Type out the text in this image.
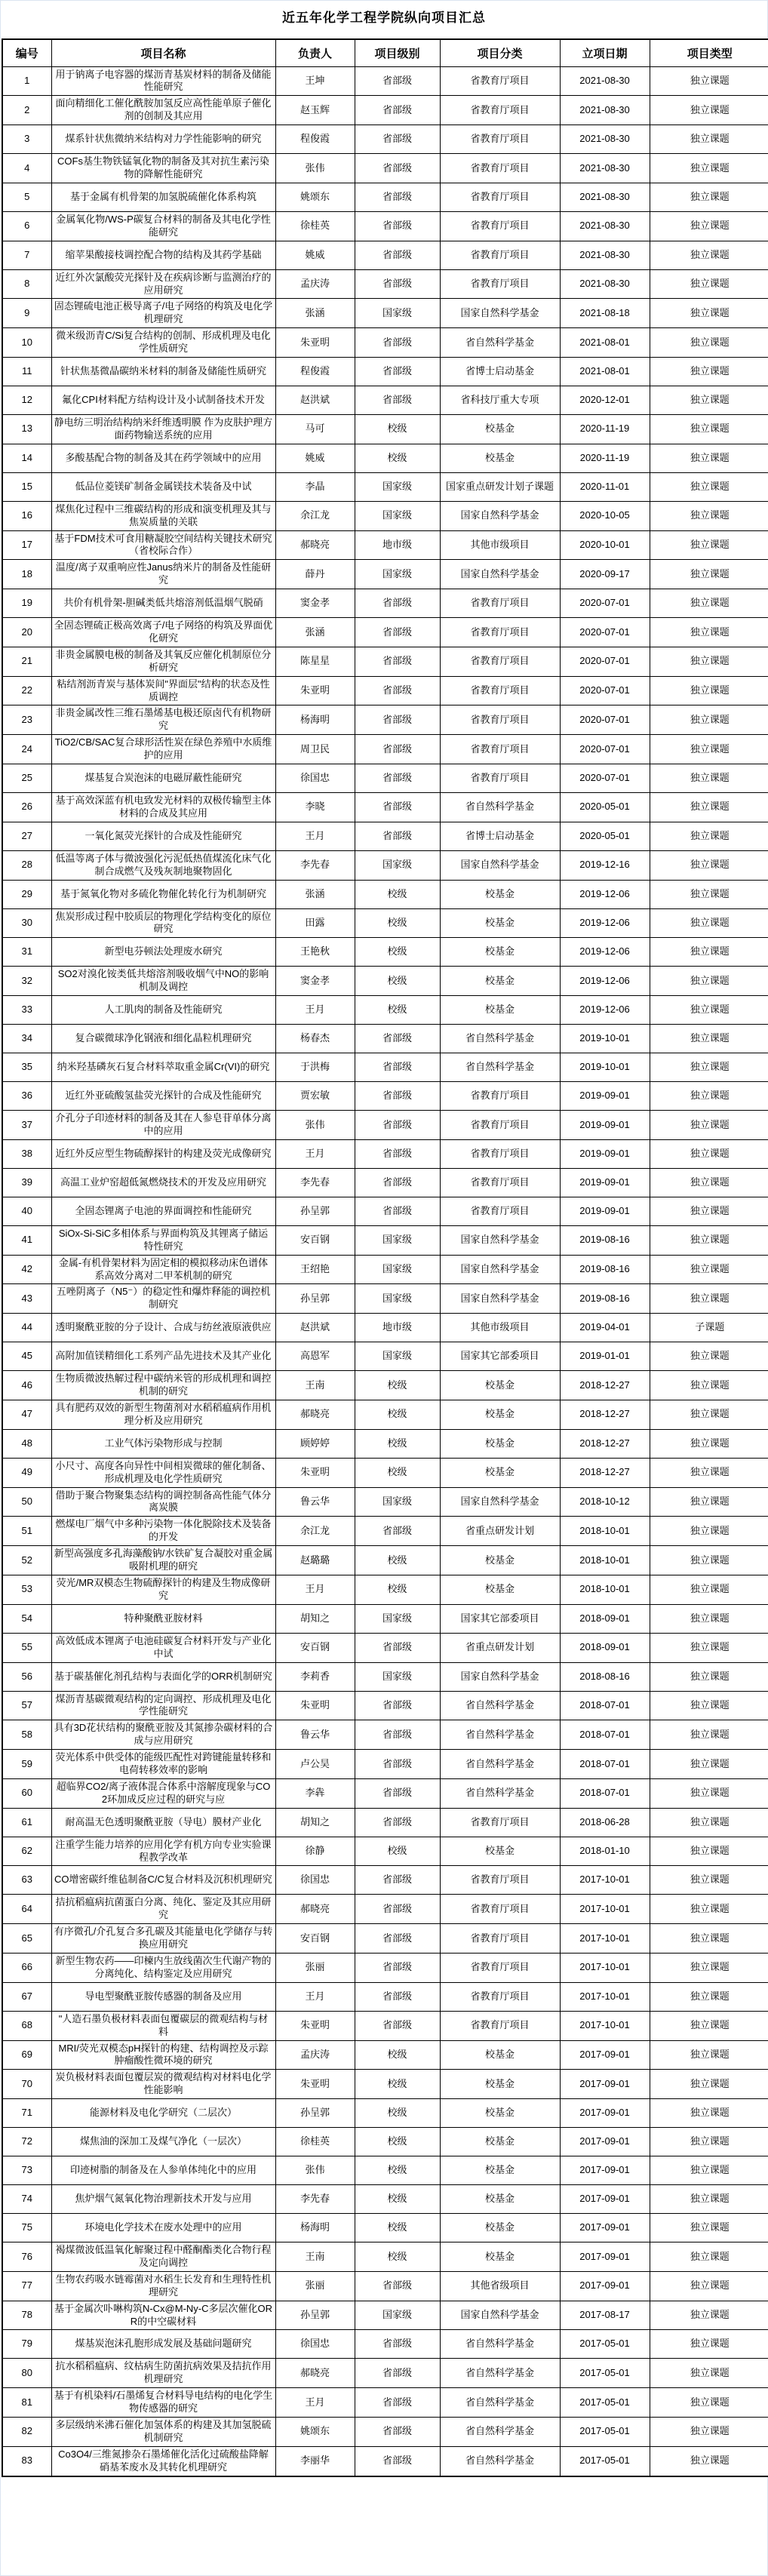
近五年化学工程学院纵向项目汇总
编号	项目名称	负责人	项目级别	项目分类	立项日期	项目类型
1	用于钠离子电容器的煤沥青基炭材料的制备及储能性能研究	王坤	省部级	省教育厅项目	2021-08-30	独立课题
2	面向精细化工催化酰胺加氢反应高性能单原子催化剂的创制及其应用	赵玉辉	省部级	省教育厅项目	2021-08-30	独立课题
3	煤系针状焦微纳米结构对力学性能影响的研究	程俊霞	省部级	省教育厅项目	2021-08-30	独立课题
4	COFs基生物铁锰氧化物的制备及其对抗生素污染物的降解性能研究	张伟	省部级	省教育厅项目	2021-08-30	独立课题
5	基于金属有机骨架的加氢脱硫催化体系构筑	姚颂东	省部级	省教育厅项目	2021-08-30	独立课题
6	金属氧化物/WS-P碳复合材料的制备及其电化学性能研究	徐桂英	省部级	省教育厅项目	2021-08-30	独立课题
7	缩苹果酸接枝调控配合物的结构及其药学基础	姚威	省部级	省教育厅项目	2021-08-30	独立课题
8	近红外次氯酸荧光探针及在疾病诊断与监测治疗的应用研究	孟庆涛	省部级	省教育厅项目	2021-08-30	独立课题
9	固态锂硫电池正极导离子/电子网络的构筑及电化学机理研究	张涵	国家级	国家自然科学基金	2021-08-18	独立课题
10	微米级沥青C/Si复合结构的创制、形成机理及电化学性质研究	朱亚明	省部级	省自然科学基金	2021-08-01	独立课题
11	针状焦基微晶碳纳米材料的制备及储能性质研究	程俊霞	省部级	省博士启动基金	2021-08-01	独立课题
12	氟化CPI材料配方结构设计及小试制备技术开发	赵洪斌	省部级	省科技厅重大专项	2020-12-01	独立课题
13	静电纺三明治结构纳米纤维透明膜 作为皮肤护理方面药物输送系统的应用	马可	校级	校基金	2020-11-19	独立课题
14	多酸基配合物的制备及其在药学领域中的应用	姚威	校级	校基金	2020-11-19	独立课题
15	低品位菱镁矿制备金属镁技术装备及中试	李晶	国家级	国家重点研发计划子课题	2020-11-01	独立课题
16	煤焦化过程中三维碳结构的形成和演变机理及其与焦炭质量的关联	余江龙	国家级	国家自然科学基金	2020-10-05	独立课题
17	基于FDM技术可食用糖凝胶空间结构关键技术研究（省校际合作）	郝晓亮	地市级	其他市级项目	2020-10-01	独立课题
18	温度/离子双重响应性Janus纳米片的制备及性能研究	薛丹	国家级	国家自然科学基金	2020-09-17	独立课题
19	共价有机骨架-胆碱类低共熔溶剂低温烟气脱硝	窦金孝	省部级	省教育厅项目	2020-07-01	独立课题
20	全固态锂硫正极高效离子/电子网络的构筑及界面优化研究	张涵	省部级	省教育厅项目	2020-07-01	独立课题
21	非贵金属膜电极的制备及其氧反应催化机制原位分析研究	陈星星	省部级	省教育厅项目	2020-07-01	独立课题
22	粘结剂沥青炭与基体炭间"界面层"结构的状态及性质调控	朱亚明	省部级	省教育厅项目	2020-07-01	独立课题
23	非贵金属改性三维石墨烯基电极还原卤代有机物研究	杨海明	省部级	省教育厅项目	2020-07-01	独立课题
24	TiO2/CB/SAC复合球形活性炭在绿色养殖中水质维护的应用	周卫民	省部级	省教育厅项目	2020-07-01	独立课题
25	煤基复合炭泡沫的电磁屏蔽性能研究	徐国忠	省部级	省教育厅项目	2020-07-01	独立课题
26	基于高效深蓝有机电致发光材料的双极传输型主体材料的合成及其应用	李晓	省部级	省自然科学基金	2020-05-01	独立课题
27	一氧化氮荧光探针的合成及性能研究	王月	省部级	省博士启动基金	2020-05-01	独立课题
28	低温等离子体与微波强化污泥低热值煤流化床气化制合成燃气及残灰制地聚物固化	李先春	国家级	国家自然科学基金	2019-12-16	独立课题
29	基于氮氧化物对多硫化物催化转化行为机制研究	张涵	校级	校基金	2019-12-06	独立课题
30	焦炭形成过程中胶质层的物理化学结构变化的原位研究	田露	校级	校基金	2019-12-06	独立课题
31	新型电芬顿法处理废水研究	王艳秋	校级	校基金	2019-12-06	独立课题
32	SO2对溴化铵类低共熔溶剂吸收烟气中NO的影响机制及调控	窦金孝	校级	校基金	2019-12-06	独立课题
33	人工肌肉的制备及性能研究	王月	校级	校基金	2019-12-06	独立课题
34	复合碳微球净化钢液和细化晶粒机理研究	杨春杰	省部级	省自然科学基金	2019-10-01	独立课题
35	纳米羟基磷灰石复合材料萃取重金属Cr(VI)的研究	于洪梅	省部级	省自然科学基金	2019-10-01	独立课题
36	近红外亚硫酸氢盐荧光探针的合成及性能研究	贾宏敏	省部级	省教育厅项目	2019-09-01	独立课题
37	介孔分子印迹材料的制备及其在人参皂苷单体分离中的应用	张伟	省部级	省教育厅项目	2019-09-01	独立课题
38	近红外反应型生物硫醇探针的构建及荧光成像研究	王月	省部级	省教育厅项目	2019-09-01	独立课题
39	高温工业炉窑超低氮燃烧技术的开发及应用研究	李先春	省部级	省教育厅项目	2019-09-01	独立课题
40	全固态锂离子电池的界面调控和性能研究	孙呈郭	省部级	省教育厅项目	2019-09-01	独立课题
41	SiOx-Si-SiC多相体系与界面构筑及其锂离子储运特性研究	安百钢	国家级	国家自然科学基金	2019-08-16	独立课题
42	金属-有机骨架材料为固定相的模拟移动床色谱体系高效分离对二甲苯机制的研究	王绍艳	国家级	国家自然科学基金	2019-08-16	独立课题
43	五唑阴离子（N5⁻）的稳定性和爆炸释能的调控机制研究	孙呈郭	国家级	国家自然科学基金	2019-08-16	独立课题
44	透明聚酰亚胺的分子设计、合成与纺丝液原液供应	赵洪斌	地市级	其他市级项目	2019-04-01	子课题
45	高附加值镁精细化工系列产品先进技术及其产业化	高恩军	国家级	国家其它部委项目	2019-01-01	独立课题
46	生物质微波热解过程中碳纳米管的形成机理和调控机制的研究	王南	校级	校基金	2018-12-27	独立课题
47	具有肥药双效的新型生物菌剂对水稻稻瘟病作用机理分析及应用研究	郝晓亮	校级	校基金	2018-12-27	独立课题
48	工业气体污染物形成与控制	顾婷婷	校级	校基金	2018-12-27	独立课题
49	小尺寸、高度各向异性中间相炭微球的催化制备、形成机理及电化学性质研究	朱亚明	校级	校基金	2018-12-27	独立课题
50	借助于聚合物聚集态结构的调控制备高性能气体分离炭膜	鲁云华	国家级	国家自然科学基金	2018-10-12	独立课题
51	燃煤电厂烟气中多种污染物一体化脱除技术及装备的开发	余江龙	省部级	省重点研发计划	2018-10-01	独立课题
52	新型高强度多孔海藻酸钠/水铁矿复合凝胶对重金属吸附机理的研究	赵璐璐	校级	校基金	2018-10-01	独立课题
53	荧光/MR双模态生物硫醇探针的构建及生物成像研究	王月	校级	校基金	2018-10-01	独立课题
54	特种聚酰亚胺材料	胡知之	国家级	国家其它部委项目	2018-09-01	独立课题
55	高效低成本锂离子电池硅碳复合材料开发与产业化中试	安百钢	省部级	省重点研发计划	2018-09-01	独立课题
56	基于碳基催化剂孔结构与表面化学的ORR机制研究	李莉香	国家级	国家自然科学基金	2018-08-16	独立课题
57	煤沥青基碳微观结构的定向调控、形成机理及电化学性能研究	朱亚明	省部级	省自然科学基金	2018-07-01	独立课题
58	具有3D花状结构的聚酰亚胺及其氮掺杂碳材料的合成与应用研究	鲁云华	省部级	省自然科学基金	2018-07-01	独立课题
59	荧光体系中供受体的能级匹配性对跨键能量转移和电荷转移效率的影响	卢公昊	省部级	省自然科学基金	2018-07-01	独立课题
60	超临界CO2/离子液体混合体系中溶解度现象与CO2环加成反应过程的研究与应	李犇	省部级	省自然科学基金	2018-07-01	独立课题
61	耐高温无色透明聚酰亚胺（导电）膜材产业化	胡知之	省部级	省教育厅项目	2018-06-28	独立课题
62	注重学生能力培养的应用化学有机方向专业实验课程教学改革	徐静	校级	校基金	2018-01-10	独立课题
63	CO增密碳纤维毡制备C/C复合材料及沉积机理研究	徐国忠	省部级	省教育厅项目	2017-10-01	独立课题
64	拮抗稻瘟病抗菌蛋白分离、纯化、鉴定及其应用研究	郝晓亮	省部级	省教育厅项目	2017-10-01	独立课题
65	有序微孔/介孔复合多孔碳及其能量电化学储存与转换应用研究	安百钢	省部级	省教育厅项目	2017-10-01	独立课题
66	新型生物农药——印楝内生放线菌次生代谢产物的分离纯化、结构鉴定及应用研究	张丽	省部级	省教育厅项目	2017-10-01	独立课题
67	导电型聚酰亚胺传感器的制备及应用	王月	省部级	省教育厅项目	2017-10-01	独立课题
68	"人造石墨负极材料表面包覆碳层的微观结构与材料	朱亚明	省部级	省教育厅项目	2017-10-01	独立课题
69	MRI/荧光双模态pH探针的构建、结构调控及示踪肿瘤酸性微环境的研究	孟庆涛	校级	校基金	2017-09-01	独立课题
70	炭负极材料表面包覆层炭的微观结构对材料电化学性能影响	朱亚明	校级	校基金	2017-09-01	独立课题
71	能源材料及电化学研究（二层次）	孙呈郭	校级	校基金	2017-09-01	独立课题
72	煤焦油的深加工及煤气净化（一层次）	徐桂英	校级	校基金	2017-09-01	独立课题
73	印迹树脂的制备及在人参单体纯化中的应用	张伟	校级	校基金	2017-09-01	独立课题
74	焦炉烟气氮氧化物治理新技术开发与应用	李先春	校级	校基金	2017-09-01	独立课题
75	环境电化学技术在废水处理中的应用	杨海明	校级	校基金	2017-09-01	独立课题
76	褐煤微波低温氧化解聚过程中醛酮酯类化合物行程及定向调控	王南	校级	校基金	2017-09-01	独立课题
77	生物农药吸水链霉菌对水稻生长发育和生理特性机理研究	张丽	省部级	其他省级项目	2017-09-01	独立课题
78	基于金属次卟啉构筑N-Cx@M-Ny-C多层次催化ORR的中空碳材料	孙呈郭	国家级	国家自然科学基金	2017-08-17	独立课题
79	煤基炭泡沫孔胞形成发展及基础问题研究	徐国忠	省部级	省自然科学基金	2017-05-01	独立课题
80	抗水稻稻瘟病、纹枯病生防菌抗病效果及拮抗作用机理研究	郝晓亮	省部级	省自然科学基金	2017-05-01	独立课题
81	基于有机染料/石墨烯复合材料导电结构的电化学生物传感器的研究	王月	省部级	省自然科学基金	2017-05-01	独立课题
82	多层级纳米沸石催化加氢体系的构建及其加氢脱硫机制研究	姚颂东	省部级	省自然科学基金	2017-05-01	独立课题
83	Co3O4/三维氮掺杂石墨烯催化活化过硫酸盐降解硝基苯废水及其转化机理研究	李丽华	省部级	省自然科学基金	2017-05-01	独立课题
